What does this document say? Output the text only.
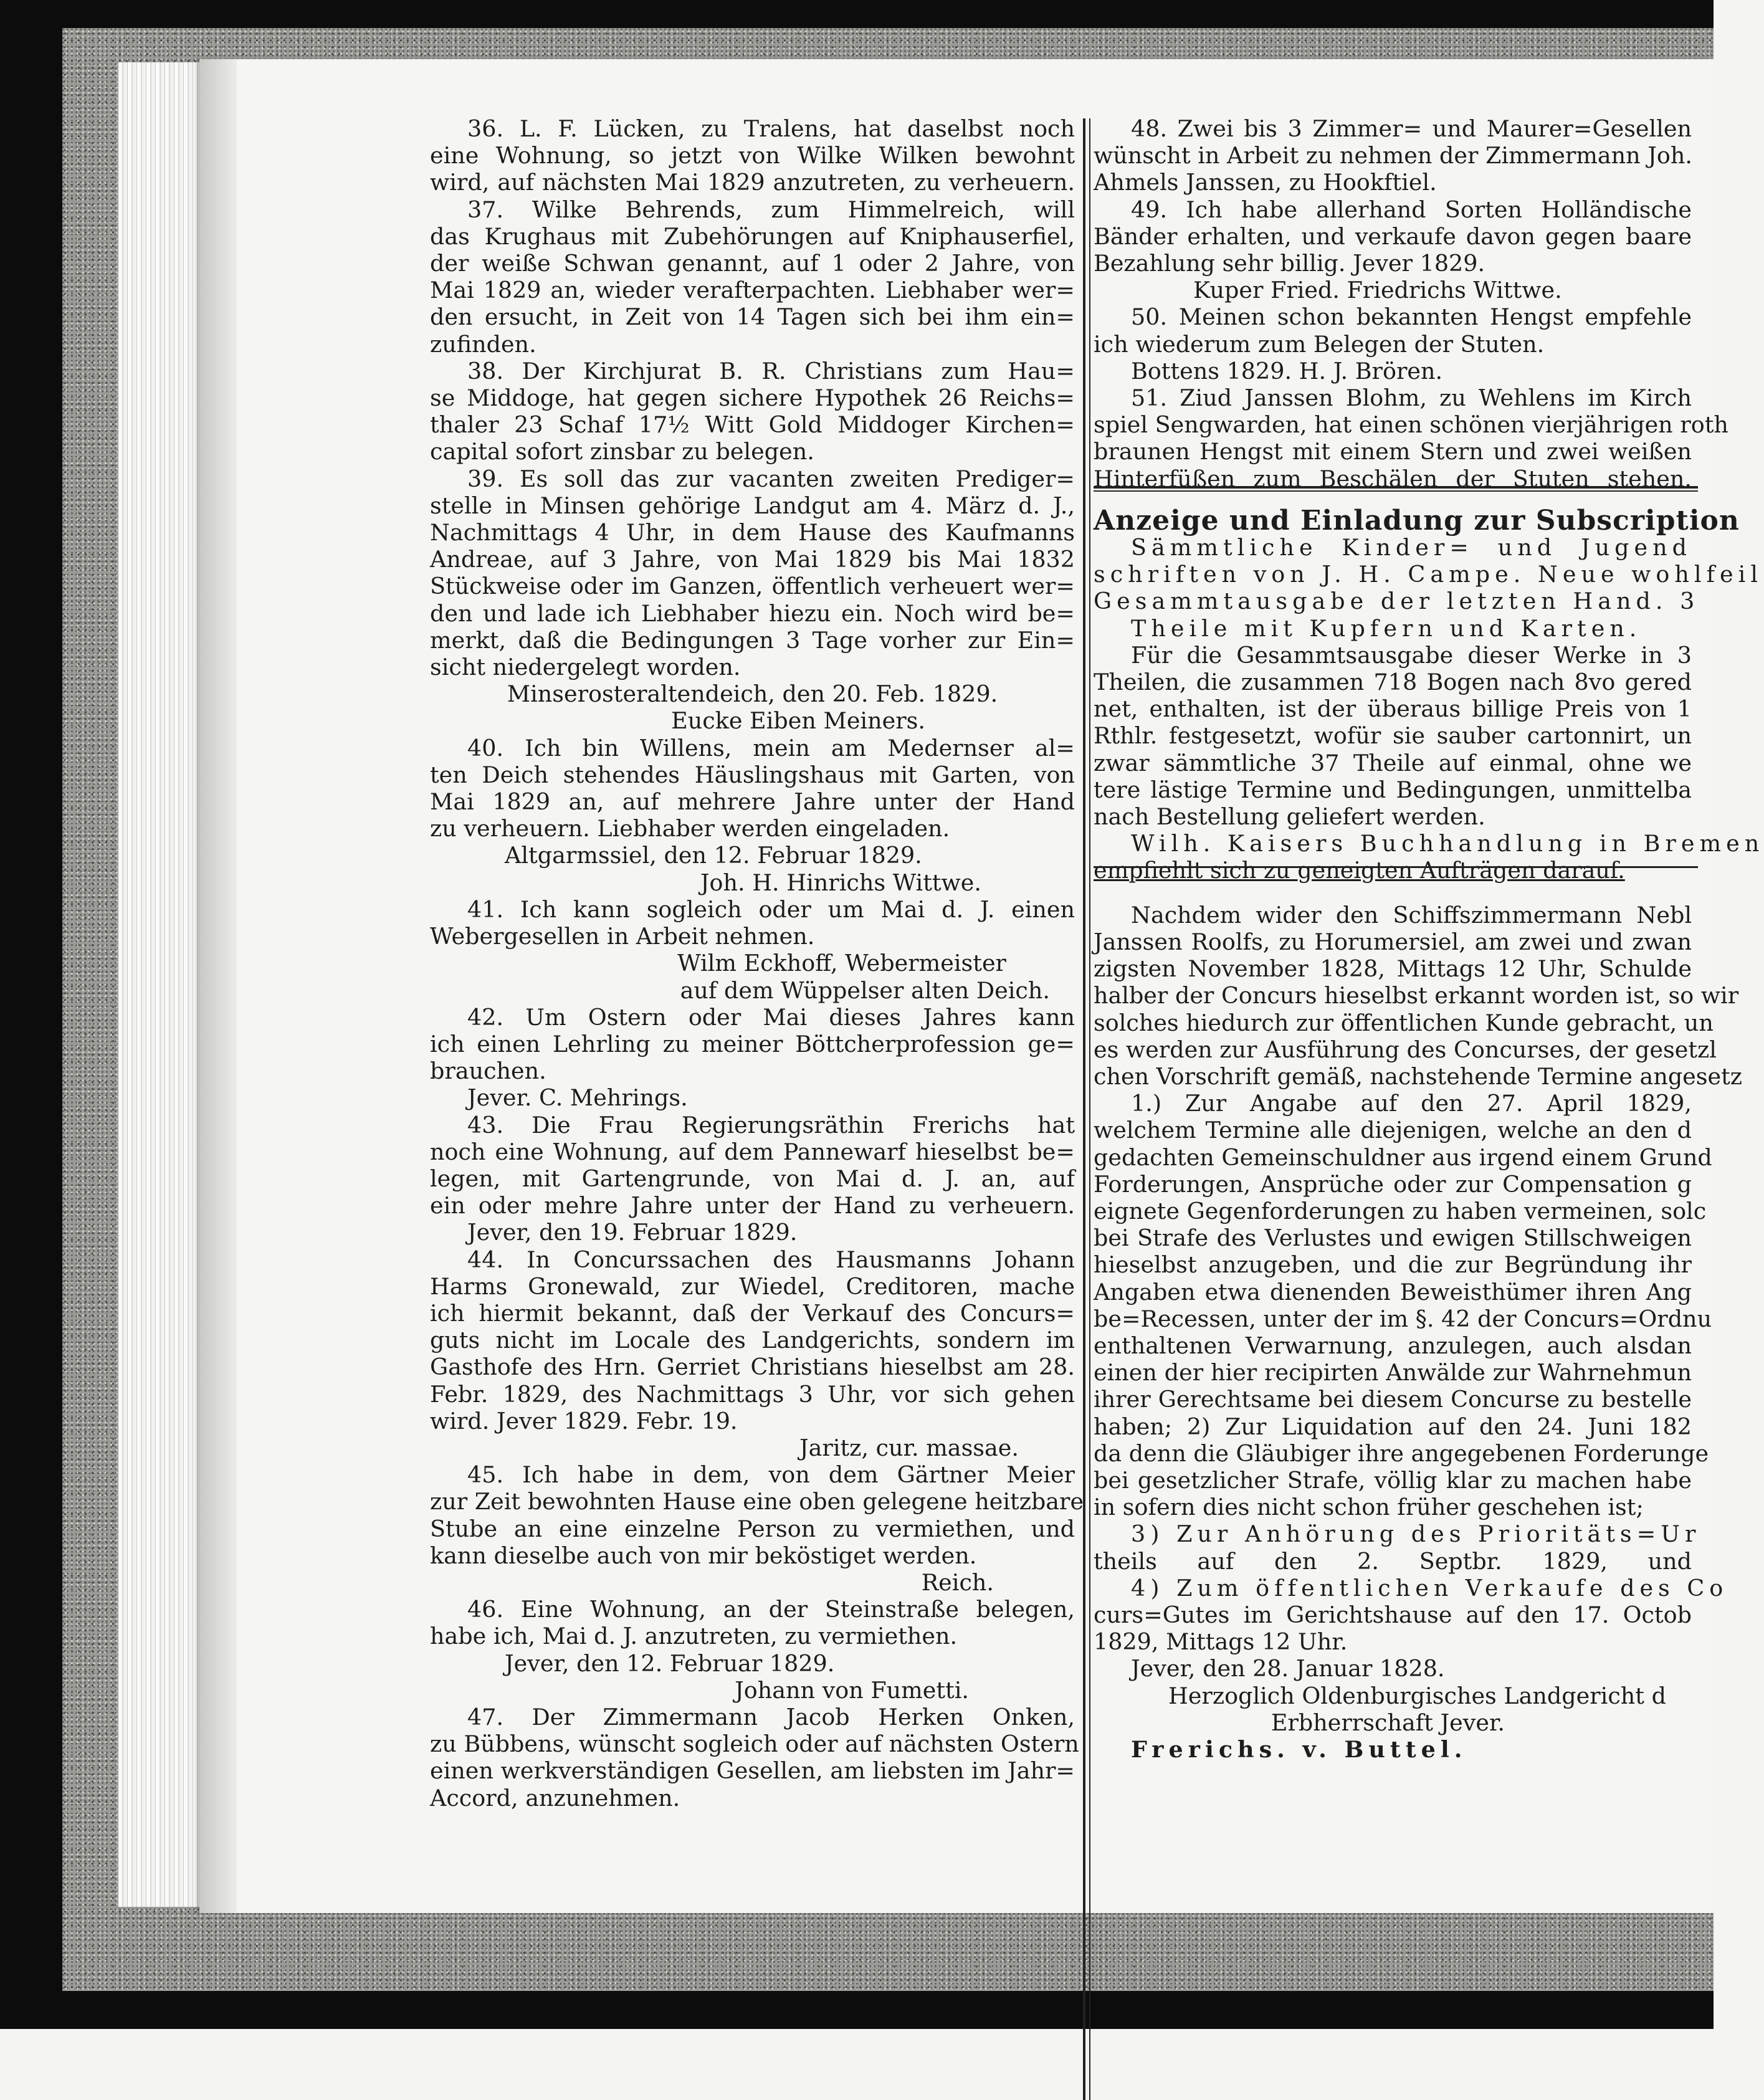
36. L. F. Lücken, zu Tralens, hat daselbst noch

eine Wohnung, so jetzt von Wilke Wilken bewohnt

wird, auf nächsten Mai 1829 anzutreten, zu verheuern.

37. Wilke Behrends, zum Himmelreich, will

das Krughaus mit Zubehörungen auf Kniphauserfiel,

der weiße Schwan genannt, auf 1 oder 2 Jahre, von

Mai 1829 an, wieder verafterpachten. Liebhaber wer=

den ersucht, in Zeit von 14 Tagen sich bei ihm ein=

zufinden.

38. Der Kirchjurat B. R. Christians zum Hau=

se Middoge, hat gegen sichere Hypothek 26 Reichs=

thaler 23 Schaf 17½ Witt Gold Middoger Kirchen=

capital sofort zinsbar zu belegen.

39. Es soll das zur vacanten zweiten Prediger=

stelle in Minsen gehörige Landgut am 4. März d. J.,

Nachmittags 4 Uhr, in dem Hause des Kaufmanns

Andreae, auf 3 Jahre, von Mai 1829 bis Mai 1832

Stückweise oder im Ganzen, öffentlich verheuert wer=

den und lade ich Liebhaber hiezu ein. Noch wird be=

merkt, daß die Bedingungen 3 Tage vorher zur Ein=

sicht niedergelegt worden.

Minserosteraltendeich, den 20. Feb. 1829.

Eucke Eiben Meiners.

40. Ich bin Willens, mein am Medernser al=

ten Deich stehendes Häuslingshaus mit Garten, von

Mai 1829 an, auf mehrere Jahre unter der Hand

zu verheuern. Liebhaber werden eingeladen.

Altgarmssiel, den 12. Februar 1829.

Joh. H. Hinrichs Wittwe.

41. Ich kann sogleich oder um Mai d. J. einen

Webergesellen in Arbeit nehmen.

Wilm Eckhoff, Webermeister

auf dem Wüppelser alten Deich.

42. Um Ostern oder Mai dieses Jahres kann

ich einen Lehrling zu meiner Böttcherprofession ge=

brauchen.

Jever. C. Mehrings.

43. Die Frau Regierungsräthin Frerichs hat

noch eine Wohnung, auf dem Pannewarf hieselbst be=

legen, mit Gartengrunde, von Mai d. J. an, auf

ein oder mehre Jahre unter der Hand zu verheuern.

Jever, den 19. Februar 1829.

44. In Concurssachen des Hausmanns Johann

Harms Gronewald, zur Wiedel, Creditoren, mache

ich hiermit bekannt, daß der Verkauf des Concurs=

guts nicht im Locale des Landgerichts, sondern im

Gasthofe des Hrn. Gerriet Christians hieselbst am 28.

Febr. 1829, des Nachmittags 3 Uhr, vor sich gehen

wird. Jever 1829. Febr. 19.

Jaritz, cur. massae.

45. Ich habe in dem, von dem Gärtner Meier

zur Zeit bewohnten Hause eine oben gelegene heitzbare

Stube an eine einzelne Person zu vermiethen, und

kann dieselbe auch von mir beköstiget werden.

Reich.

46. Eine Wohnung, an der Steinstraße belegen,

habe ich, Mai d. J. anzutreten, zu vermiethen.

Jever, den 12. Februar 1829.

Johann von Fumetti.

47. Der Zimmermann Jacob Herken Onken,

zu Bübbens, wünscht sogleich oder auf nächsten Ostern

einen werkverständigen Gesellen, am liebsten im Jahr=

Accord, anzunehmen.

48. Zwei bis 3 Zimmer= und Maurer=Gesellen

wünscht in Arbeit zu nehmen der Zimmermann Joh.

Ahmels Janssen, zu Hookftiel.

49. Ich habe allerhand Sorten Holländische

Bänder erhalten, und verkaufe davon gegen baare

Bezahlung sehr billig. Jever 1829.

Kuper Fried. Friedrichs Wittwe.

50. Meinen schon bekannten Hengst empfehle

ich wiederum zum Belegen der Stuten.

Bottens 1829. H. J. Brören.

51. Ziud Janssen Blohm, zu Wehlens im Kirch

spiel Sengwarden, hat einen schönen vierjährigen roth

braunen Hengst mit einem Stern und zwei weißen

Hinterfüßen zum Beschälen der Stuten stehen.

Anzeige und Einladung zur Subscription

Sämmtliche Kinder= und Jugend

schriften von J. H. Campe. Neue wohlfeil

Gesammtausgabe der letzten Hand. 3

Theile mit Kupfern und Karten.

Für die Gesammtsausgabe dieser Werke in 3

Theilen, die zusammen 718 Bogen nach 8vo gered

net, enthalten, ist der überaus billige Preis von 1

Rthlr. festgesetzt, wofür sie sauber cartonnirt, un

zwar sämmtliche 37 Theile auf einmal, ohne we

tere lästige Termine und Bedingungen, unmittelba

nach Bestellung geliefert werden.

Wilh. Kaisers Buchhandlung in Bremen

empfiehlt sich zu geneigten Aufträgen darauf.

Nachdem wider den Schiffszimmermann Nebl

Janssen Roolfs, zu Horumersiel, am zwei und zwan

zigsten November 1828, Mittags 12 Uhr, Schulde

halber der Concurs hieselbst erkannt worden ist, so wir

solches hiedurch zur öffentlichen Kunde gebracht, un

es werden zur Ausführung des Concurses, der gesetzl

chen Vorschrift gemäß, nachstehende Termine angesetz

1.) Zur Angabe auf den 27. April 1829,

welchem Termine alle diejenigen, welche an den d

gedachten Gemeinschuldner aus irgend einem Grund

Forderungen, Ansprüche oder zur Compensation g

eignete Gegenforderungen zu haben vermeinen, solc

bei Strafe des Verlustes und ewigen Stillschweigen

hieselbst anzugeben, und die zur Begründung ihr

Angaben etwa dienenden Beweisthümer ihren Ang

be=Recessen, unter der im §. 42 der Concurs=Ordnu

enthaltenen Verwarnung, anzulegen, auch alsdan

einen der hier recipirten Anwälde zur Wahrnehmun

ihrer Gerechtsame bei diesem Concurse zu bestelle

haben; 2) Zur Liquidation auf den 24. Juni 182

da denn die Gläubiger ihre angegebenen Forderunge

bei gesetzlicher Strafe, völlig klar zu machen habe

in sofern dies nicht schon früher geschehen ist;

3) Zur Anhörung des Prioritäts=Ur

theils auf den 2. Septbr. 1829, und

4) Zum öffentlichen Verkaufe des Co

curs=Gutes im Gerichtshause auf den 17. Octob

1829, Mittags 12 Uhr.

Jever, den 28. Januar 1828.

Herzoglich Oldenburgisches Landgericht d

Erbherrschaft Jever.

Frerichs. v. Buttel.
